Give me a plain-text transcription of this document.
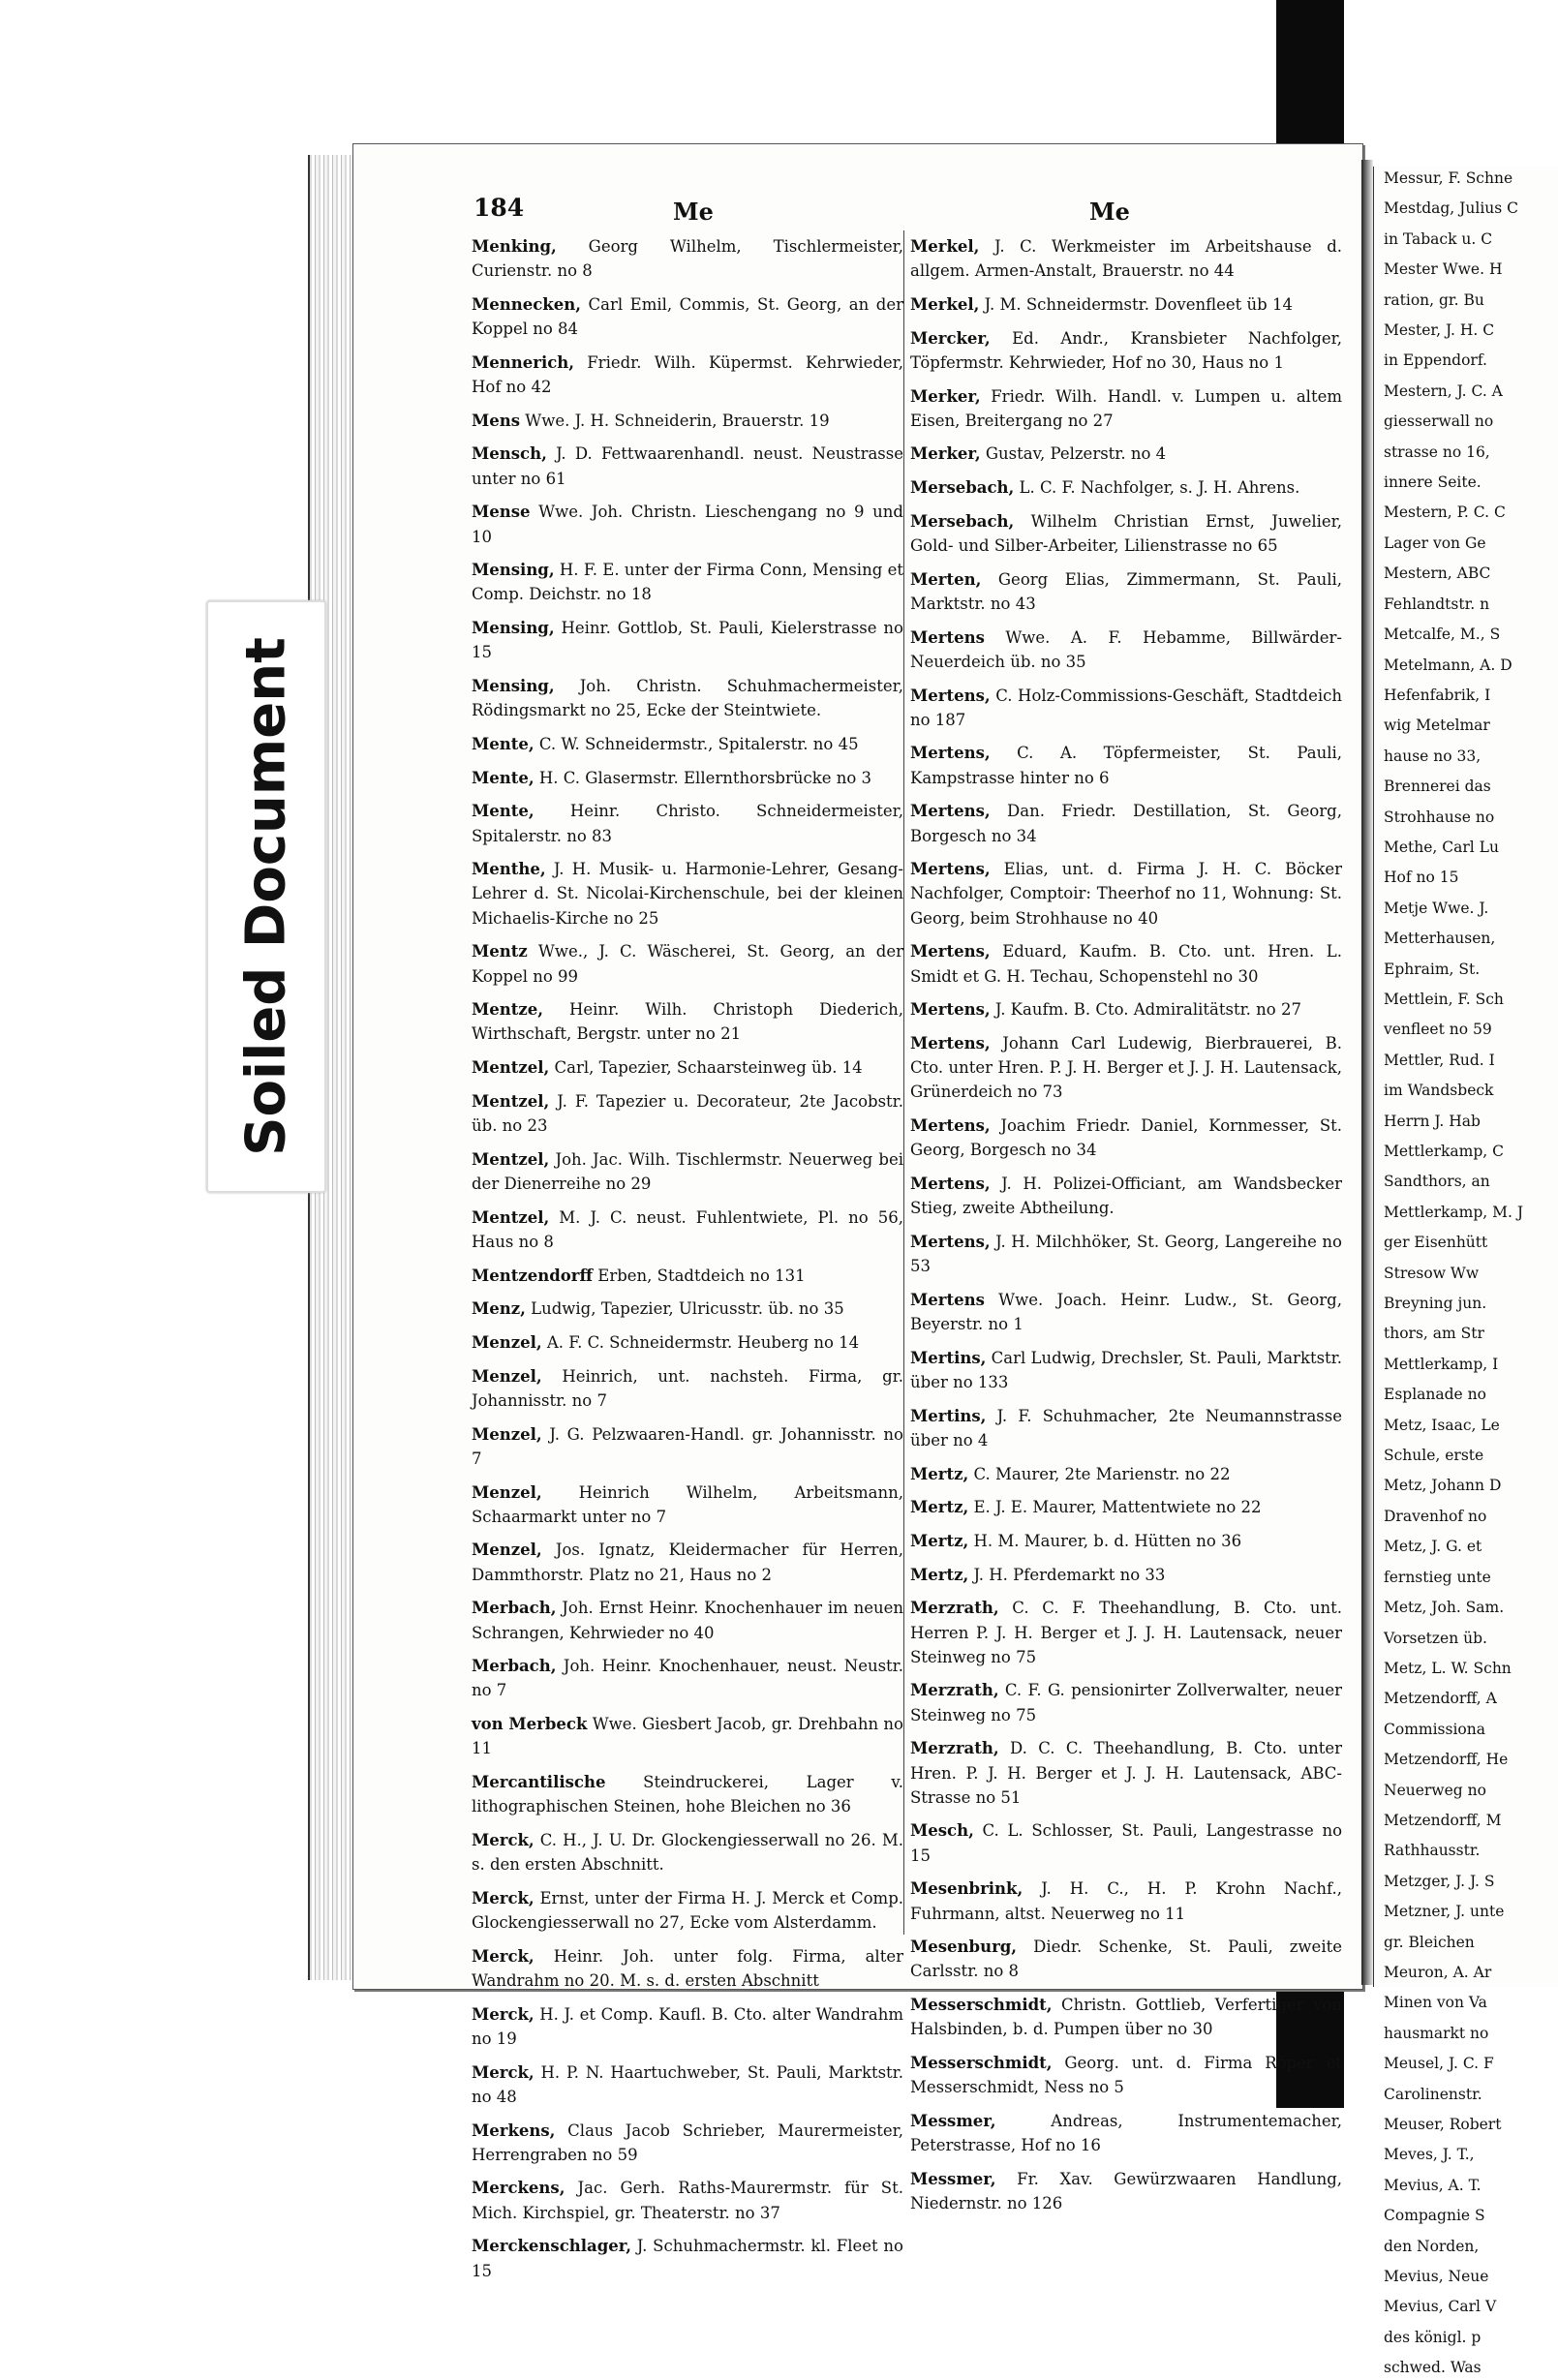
Soiled Document
184	Me	Me
Menking, Georg Wilhelm, Tischlermeister, Curienstr. no 8
Mennecken, Carl Emil, Commis, St. Georg, an der Koppel no 84
Mennerich, Friedr. Wilh. Küpermst. Kehrwieder, Hof no 42
Mens Wwe. J. H. Schneiderin, Brauerstr. 19
Mensch, J. D. Fettwaarenhandl. neust. Neustrasse unter no 61
Mense Wwe. Joh. Christn. Lieschengang no 9 und 10
Mensing, H. F. E. unter der Firma Conn, Mensing et Comp. Deichstr. no 18
Mensing, Heinr. Gottlob, St. Pauli, Kielerstrasse no 15
Mensing, Joh. Christn. Schuhmachermeister, Rödingsmarkt no 25, Ecke der Steintwiete.
Mente, C. W. Schneidermstr., Spitalerstr. no 45
Mente, H. C. Glasermstr. Ellernthorsbrücke no 3
Mente, Heinr. Christo. Schneidermeister, Spitalerstr. no 83
Menthe, J. H. Musik- u. Harmonie-Lehrer, Gesang-Lehrer d. St. Nicolai-Kirchenschule, bei der kleinen Michaelis-Kirche no 25
Mentz Wwe., J. C. Wäscherei, St. Georg, an der Koppel no 99
Mentze, Heinr. Wilh. Christoph Diederich, Wirthschaft, Bergstr. unter no 21
Mentzel, Carl, Tapezier, Schaarsteinweg üb. 14
Mentzel, J. F. Tapezier u. Decorateur, 2te Jacobstr. üb. no 23
Mentzel, Joh. Jac. Wilh. Tischlermstr. Neuerweg bei der Dienerreihe no 29
Mentzel, M. J. C. neust. Fuhlentwiete, Pl. no 56, Haus no 8
Mentzendorff Erben, Stadtdeich no 131
Menz, Ludwig, Tapezier, Ulricusstr. üb. no 35
Menzel, A. F. C. Schneidermstr. Heuberg no 14
Menzel, Heinrich, unt. nachsteh. Firma, gr. Johannisstr. no 7
Menzel, J. G. Pelzwaaren-Handl. gr. Johannisstr. no 7
Menzel, Heinrich Wilhelm, Arbeitsmann, Schaarmarkt unter no 7
Menzel, Jos. Ignatz, Kleidermacher für Herren, Dammthorstr. Platz no 21, Haus no 2
Merbach, Joh. Ernst Heinr. Knochenhauer im neuen Schrangen, Kehrwieder no 40
Merbach, Joh. Heinr. Knochenhauer, neust. Neustr. no 7
von Merbeck Wwe. Giesbert Jacob, gr. Drehbahn no 11
Mercantilische Steindruckerei, Lager v. lithographischen Steinen, hohe Bleichen no 36
Merck, C. H., J. U. Dr. Glockengiesserwall no 26. M. s. den ersten Abschnitt.
Merck, Ernst, unter der Firma H. J. Merck et Comp. Glockengiesserwall no 27, Ecke vom Alsterdamm.
Merck, Heinr. Joh. unter folg. Firma, alter Wandrahm no 20. M. s. d. ersten Abschnitt
Merck, H. J. et Comp. Kaufl. B. Cto. alter Wandrahm no 19
Merck, H. P. N. Haartuchweber, St. Pauli, Marktstr. no 48
Merkens, Claus Jacob Schrieber, Maurermeister, Herrengraben no 59
Merckens, Jac. Gerh. Raths-Maurermstr. für St. Mich. Kirchspiel, gr. Theaterstr. no 37
Merckenschlager, J. Schuhmachermstr. kl. Fleet no 15
Merkel, J. C. Werkmeister im Arbeitshause d. allgem. Armen-Anstalt, Brauerstr. no 44
Merkel, J. M. Schneidermstr. Dovenfleet üb 14
Mercker, Ed. Andr., Kransbieter Nachfolger, Töpfermstr. Kehrwieder, Hof no 30, Haus no 1
Merker, Friedr. Wilh. Handl. v. Lumpen u. altem Eisen, Breitergang no 27
Merker, Gustav, Pelzerstr. no 4
Mersebach, L. C. F. Nachfolger, s. J. H. Ahrens.
Mersebach, Wilhelm Christian Ernst, Juwelier, Gold- und Silber-Arbeiter, Lilienstrasse no 65
Merten, Georg Elias, Zimmermann, St. Pauli, Marktstr. no 43
Mertens Wwe. A. F. Hebamme, Billwärder-Neuerdeich üb. no 35
Mertens, C. Holz-Commissions-Geschäft, Stadtdeich no 187
Mertens, C. A. Töpfermeister, St. Pauli, Kampstrasse hinter no 6
Mertens, Dan. Friedr. Destillation, St. Georg, Borgesch no 34
Mertens, Elias, unt. d. Firma J. H. C. Böcker Nachfolger, Comptoir: Theerhof no 11, Wohnung: St. Georg, beim Strohhause no 40
Mertens, Eduard, Kaufm. B. Cto. unt. Hren. L. Smidt et G. H. Techau, Schopenstehl no 30
Mertens, J. Kaufm. B. Cto. Admiralitätstr. no 27
Mertens, Johann Carl Ludewig, Bierbrauerei, B. Cto. unter Hren. P. J. H. Berger et J. J. H. Lautensack, Grünerdeich no 73
Mertens, Joachim Friedr. Daniel, Kornmesser, St. Georg, Borgesch no 34
Mertens, J. H. Polizei-Officiant, am Wandsbecker Stieg, zweite Abtheilung.
Mertens, J. H. Milchhöker, St. Georg, Langereihe no 53
Mertens Wwe. Joach. Heinr. Ludw., St. Georg, Beyerstr. no 1
Mertins, Carl Ludwig, Drechsler, St. Pauli, Marktstr. über no 133
Mertins, J. F. Schuhmacher, 2te Neumannstrasse über no 4
Mertz, C. Maurer, 2te Marienstr. no 22
Mertz, E. J. E. Maurer, Mattentwiete no 22
Mertz, H. M. Maurer, b. d. Hütten no 36
Mertz, J. H. Pferdemarkt no 33
Merzrath, C. C. F. Theehandlung, B. Cto. unt. Herren P. J. H. Berger et J. J. H. Lautensack, neuer Steinweg no 75
Merzrath, C. F. G. pensionirter Zollverwalter, neuer Steinweg no 75
Merzrath, D. C. C. Theehandlung, B. Cto. unter Hren. P. J. H. Berger et J. J. H. Lautensack, ABC-Strasse no 51
Mesch, C. L. Schlosser, St. Pauli, Langestrasse no 15
Mesenbrink, J. H. C., H. P. Krohn Nachf., Fuhrmann, altst. Neuerweg no 11
Mesenburg, Diedr. Schenke, St. Pauli, zweite Carlsstr. no 8
Messerschmidt, Christn. Gottlieb, Verfertiger von Halsbinden, b. d. Pumpen über no 30
Messerschmidt, Georg. unt. d. Firma Röper et Messerschmidt, Ness no 5
Messmer, Andreas, Instrumentemacher, Peterstrasse, Hof no 16
Messmer, Fr. Xav. Gewürzwaaren Handlung, Niedernstr. no 126
Messur, F. Schne
Mestdag, Julius C
in Taback u. C
Mester Wwe. H
ration, gr. Bu
Mester, J. H. C
in Eppendorf.
Mestern, J. C. A
giesserwall no
strasse no 16,
innere Seite.
Mestern, P. C. C
Lager von Ge
Mestern, ABC
Fehlandtstr. n
Metcalfe, M., S
Metelmann, A. D
Hefenfabrik, I
wig Metelmar
hause no 33,
Brennerei das
Strohhause no
Methe, Carl Lu
Hof no 15
Metje Wwe. J.
Metterhausen,
Ephraim, St.
Mettlein, F. Sch
venfleet no 59
Mettler, Rud. I
im Wandsbeck
Herrn J. Hab
Mettlerkamp, C
Sandthors, an
Mettlerkamp, M. J
ger Eisenhütt
Stresow Ww
Breyning jun.
thors, am Str
Mettlerkamp, I
Esplanade no
Metz, Isaac, Le
Schule, erste
Metz, Johann D
Dravenhof no
Metz, J. G. et
fernstieg unte
Metz, Joh. Sam.
Vorsetzen üb.
Metz, L. W. Schn
Metzendorff, A
Commissiona
Metzendorff, He
Neuerweg no
Metzendorff, M
Rathhausstr.
Metzger, J. J. S
Metzner, J. unte
gr. Bleichen
Meuron, A. Ar
Minen von Va
hausmarkt no
Meusel, J. C. F
Carolinenstr.
Meuser, Robert
Meves, J. T.,
Mevius, A. T.
Compagnie S
den Norden,
Mevius, Neue
Mevius, Carl V
des königl. p
schwed. Was
